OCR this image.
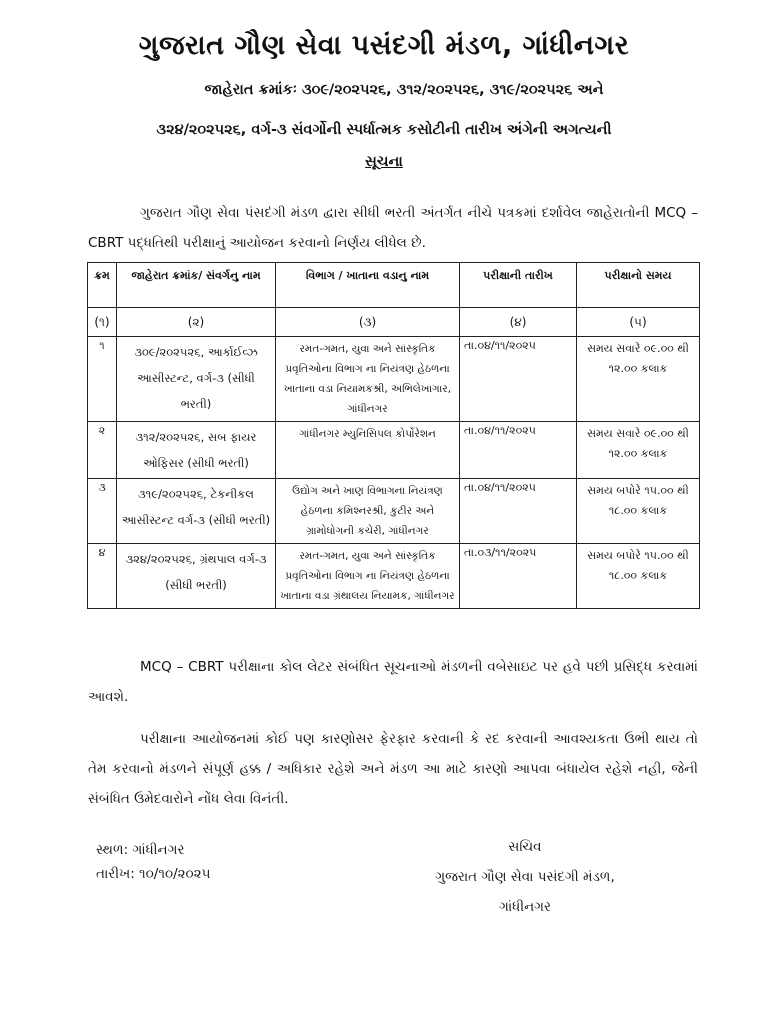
ગુજરાત ગૌણ સેવા પસંદગી મંડળ, ગાંધીનગર
જાહેરાત ક્રમાંકઃ ૩૦૯/૨૦૨૫૨૬, ૩૧૨/૨૦૨૫૨૬, ૩૧૯/૨૦૨૫૨૬ અને
૩૨૪/૨૦૨૫૨૬, વર્ગ-૩ સંવર્ગોની સ્પર્ધાત્મક કસોટીની તારીખ અંગેની અગત્યની
સૂચના
ગુજરાત ગૌણ સેવા પંસદંગી મંડળ દ્વારા સીધી ભરતી અંતર્ગત નીચે પત્રકમાં દર્શાવેલ જાહેરાતોની MCQ – CBRT પદ્ધતિથી પરીક્ષાનું આયોજન કરવાનો નિર્ણય લીધેલ છે.
ક્રમ	જાહેરાત ક્રમાંક/ સંવર્ગનુ નામ	વિભાગ / ખાતાના વડાનુ નામ	પરીક્ષાની તારીખ	પરીક્ષાનો સમય
(૧)	(૨)	(૩)	(૪)	(૫)
૧	૩૦૯/૨૦૨૫૨૬, આર્કાઈવ્ઝ આસીસ્ટન્ટ, વર્ગ-૩ (સીધી ભરતી)	રમત-ગમત, યુવા અને સાંસ્કૃતિક પ્રવૃતિઓના વિભાગ ના નિયંત્રણ હેઠળના ખાતાના વડા નિયામકશ્રી, અભિલેખાગાર, ગાંધીનગર	તા.૦૪/૧૧/૨૦૨૫	સમય સવારે ૦૯.૦૦ થી ૧૨.૦૦ કલાક
૨	૩૧૨/૨૦૨૫૨૬, સબ ફાયર ઓફિસર (સીધી ભરતી)	ગાંધીનગર મ્યુનિસિપલ કોર્પોરેશન	તા.૦૪/૧૧/૨૦૨૫	સમય સવારે ૦૯.૦૦ થી ૧૨.૦૦ કલાક
૩	૩૧૯/૨૦૨૫૨૬, ટેકનીકલ આસીસ્ટન્ટ વર્ગ-૩ (સીધી ભરતી)	ઉદ્યોગ અને ખાણ વિભાગના નિયંત્રણ હેઠળના કમિશ્નરશ્રી, કુટીર અને ગ્રામોધોગની કચેરી, ગાંધીનગર	તા.૦૪/૧૧/૨૦૨૫	સમય બપોરે ૧૫.૦૦ થી ૧૮.૦૦ કલાક
૪	૩૨૪/૨૦૨૫૨૬, ગ્રંથપાલ વર્ગ-૩ (સીધી ભરતી)	રમત-ગમત, યુવા અને સાંસ્કૃતિક પ્રવૃતિઓના વિભાગ ના નિયંત્રણ હેઠળના ખાતાના વડા ગ્રંથાલય નિયામક, ગાંધીનગર	તા.૦૩/૧૧/૨૦૨૫	સમય બપોરે ૧૫.૦૦ થી ૧૮.૦૦ કલાક
MCQ – CBRT પરીક્ષાના કોલ લેટર સંબંધિત સૂચનાઓ મંડળની વબેસાઇટ પર હવે પછી પ્રસિદ્ધ કરવામાં આવશે.
પરીક્ષાના આયોજનમાં કોઈ પણ કારણોસર ફેરફાર કરવાની કે રદ કરવાની આવશ્યકતા ઉભી થાય તો તેમ કરવાનો મંડળને સંપૂર્ણ હક્ક / અધિકાર રહેશે અને મંડળ આ માટે કારણો આપવા બંધાયેલ રહેશે નહી, જેની સંબંધિત ઉમેદવારોને નોંધ લેવા વિનંતી.
સ્થળ: ગાંધીનગર
તારીખ: ૧૦/૧૦/૨૦૨૫
સચિવ
ગુજરાત ગૌણ સેવા પસંદગી મંડળ,
ગાંધીનગર
